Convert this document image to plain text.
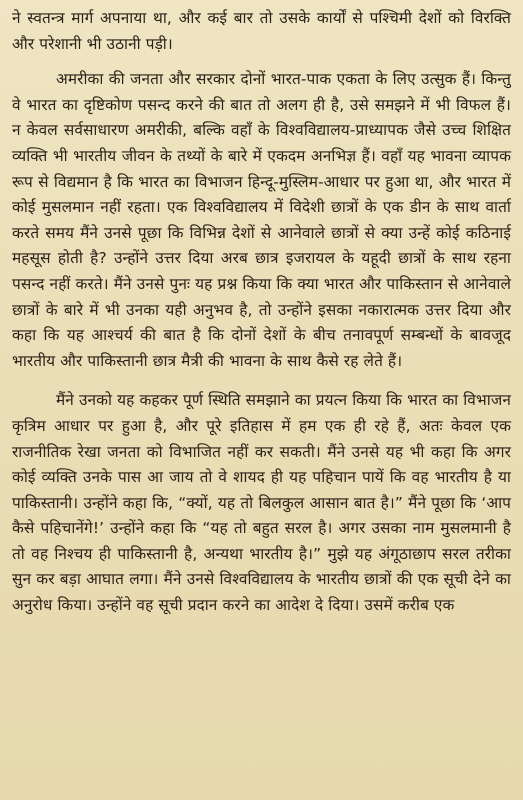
ने स्वतन्त्र मार्ग अपनाया था, और कई बार तो उसके कार्यों से पश्चिमी देशों को विरक्ति और परेशानी भी उठानी पड़ी।

अमरीका की जनता और सरकार दोनों भारत-पाक एकता के लिए उत्सुक हैं। किन्तु वे भारत का दृष्टिकोण पसन्द करने की बात तो अलग ही है, उसे समझने में भी विफल हैं। न केवल सर्वसाधारण अमरीकी, बल्कि वहाँ के विश्वविद्यालय-प्राध्यापक जैसे उच्च शिक्षित व्यक्ति भी भारतीय जीवन के तथ्यों के बारे में एकदम अनभिज्ञ हैं। वहाँ यह भावना व्यापक रूप से विद्यमान है कि भारत का विभाजन हिन्दू-मुस्लिम-आधार पर हुआ था, और भारत में कोई मुसलमान नहीं रहता। एक विश्वविद्यालय में विदेशी छात्रों के एक डीन के साथ वार्ता करते समय मैंने उनसे पूछा कि विभिन्न देशों से आनेवाले छात्रों से क्या उन्हें कोई कठिनाई महसूस होती है? उन्होंने उत्तर दिया अरब छात्र इजरायल के यहूदी छात्रों के साथ रहना पसन्द नहीं करते। मैंने उनसे पुनः यह प्रश्न किया कि क्या भारत और पाकिस्तान से आनेवाले छात्रों के बारे में भी उनका यही अनुभव है, तो उन्होंने इसका नकारात्मक उत्तर दिया और कहा कि यह आश्चर्य की बात है कि दोनों देशों के बीच तनावपूर्ण सम्बन्धों के बावजूद भारतीय और पाकिस्तानी छात्र मैत्री की भावना के साथ कैसे रह लेते हैं।

मैंने उनको यह कहकर पूर्ण स्थिति समझाने का प्रयत्न किया कि भारत का विभाजन कृत्रिम आधार पर हुआ है, और पूरे इतिहास में हम एक ही रहे हैं, अतः केवल एक राजनीतिक रेखा जनता को विभाजित नहीं कर सकती। मैंने उनसे यह भी कहा कि अगर कोई व्यक्ति उनके पास आ जाय तो वे शायद ही यह पहिचान पायें कि वह भारतीय है या पाकिस्तानी। उन्होंने कहा कि, “क्यों, यह तो बिलकुल आसान बात है।” मैंने पूछा कि ‘आप कैसे पहिचानेंगे!’ उन्होंने कहा कि “यह तो बहुत सरल है। अगर उसका नाम मुसलमानी है तो वह निश्चय ही पाकिस्तानी है, अन्यथा भारतीय है।” मुझे यह अंगूठाछाप सरल तरीका सुन कर बड़ा आघात लगा। मैंने उनसे विश्वविद्यालय के भारतीय छात्रों की एक सूची देने का अनुरोध किया। उन्होंने वह सूची प्रदान करने का आदेश दे दिया। उसमें करीब एक
